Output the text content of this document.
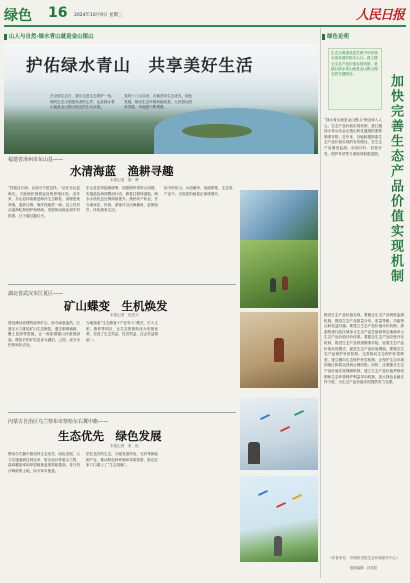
绿色 16 2024年10月9日 星期三	人民日报
山人与自然·绿水青山就是金山银山	绿色论苑
护佑绿水青山　共享美好生活
在全国生态日，我们走进生态保护一线，倾听生态文明建设者的心声，记录绿水青山就是金山银山理念的生动实践。
党的十八大以来，各地坚持生态优先、绿色发展，推动生态环境持续改善，人民群众的获得感、幸福感不断增强。
福建省漳州市东山县——
水清海蓝　渔耕寻趣
本报记者　陈　晔
“你看这片海，以前可不是这样。”站在东山县海边，当地渔民指着远处的养殖区说。近年来，东山县持续推进海洋生态修复，清理违规养殖，退养还海，海岸线焕然一新。岛上村民从靠海吃海到护海养海，发展休闲渔业和乡村旅游，日子越过越红火。
东山县坚持陆海统筹，加强海岸带综合治理，实施蓝色海湾整治行动，修复红树林湿地，海水水质优良比例持续提升。渔民转产转业，开办渔家乐、民宿，游客可以出海捕鱼、赶海拾贝，体验渔家生活。
如今的东山，水清滩净、鱼鸥翔集，生态美、产业兴、百姓富的画卷正徐徐展开。
湖北省武汉市江夏区——
矿山蝶变　生机焕发
本报记者　范昊天
曾经满目疮痍的废弃矿山，如今绿意盎然。江夏区大力推进矿山生态修复，通过削坡减载、覆土复绿等措施，让一座座裸露山体重披绿装。修复后的矿坑变身为湖泊、公园，成为市民休闲好去处。
当地探索“生态修复+产业导入”模式，引入文旅、康养等项目，让生态资源转化为发展优势，实现了生态效益、经济效益、社会效益相统一。
内蒙古自治区乌兰察布市察哈尔右翼中旗——
生态优先　绿色发展
本报记者　张　枨
察哈尔右翼中旗坚持生态优先、绿色发展，大力实施退耕还林还草、防沙治沙等重点工程，森林覆盖率和草原植被盖度持续提高。昔日风沙肆虐的土地，如今草木葱茏。
依托良好的生态，当地发展风电、光伏等新能源产业，推动特色种养殖和草原旅游，群众在家门口端上了“生态饭碗”。
生态文明建设是关系中华民族永续发展的根本大计。建立健全生态产品价值实现机制，是践行绿水青山就是金山银山理念的关键路径。	加快完善生态产品价值实现机制
“绿水青山就是金山银山”理念深入人心。生态产品价值实现机制，是打通绿水青山向金山银山转化通道的重要制度安排。近年来，各地积极探索生态产品价值实现的有效路径，在生态产品调查监测、价值评价、经营开发、保护补偿等方面取得积极进展。
推进生态产品价值实现，要健全生态产品调查监测机制，摸清生态产品数量分布、质量等级、功能特点和权益归属。要建立生态产品价值评价机制，探索构建行政区域单元生态产品总值和特定地域单元生态产品价值评价体系。要健全生态产品经营开发机制，推进生态产品供需精准对接，拓展生态产品价值实现模式，促进生态产品价值增值。要健全生态产品保护补偿机制，完善纵向生态保护补偿制度，建立横向生态保护补偿机制，让保护生态环境的地区和群众得到合理回报。同时，还要健全生态产品价值实现保障机制，建立生态产品价值考核机制和生态环境保护利益导向机制，加大绿色金融支持力度，为生态产品价值实现提供有力支撑。
（作者单位：中国科学院生态环境研究中心）
版面编辑：孙雪姮
